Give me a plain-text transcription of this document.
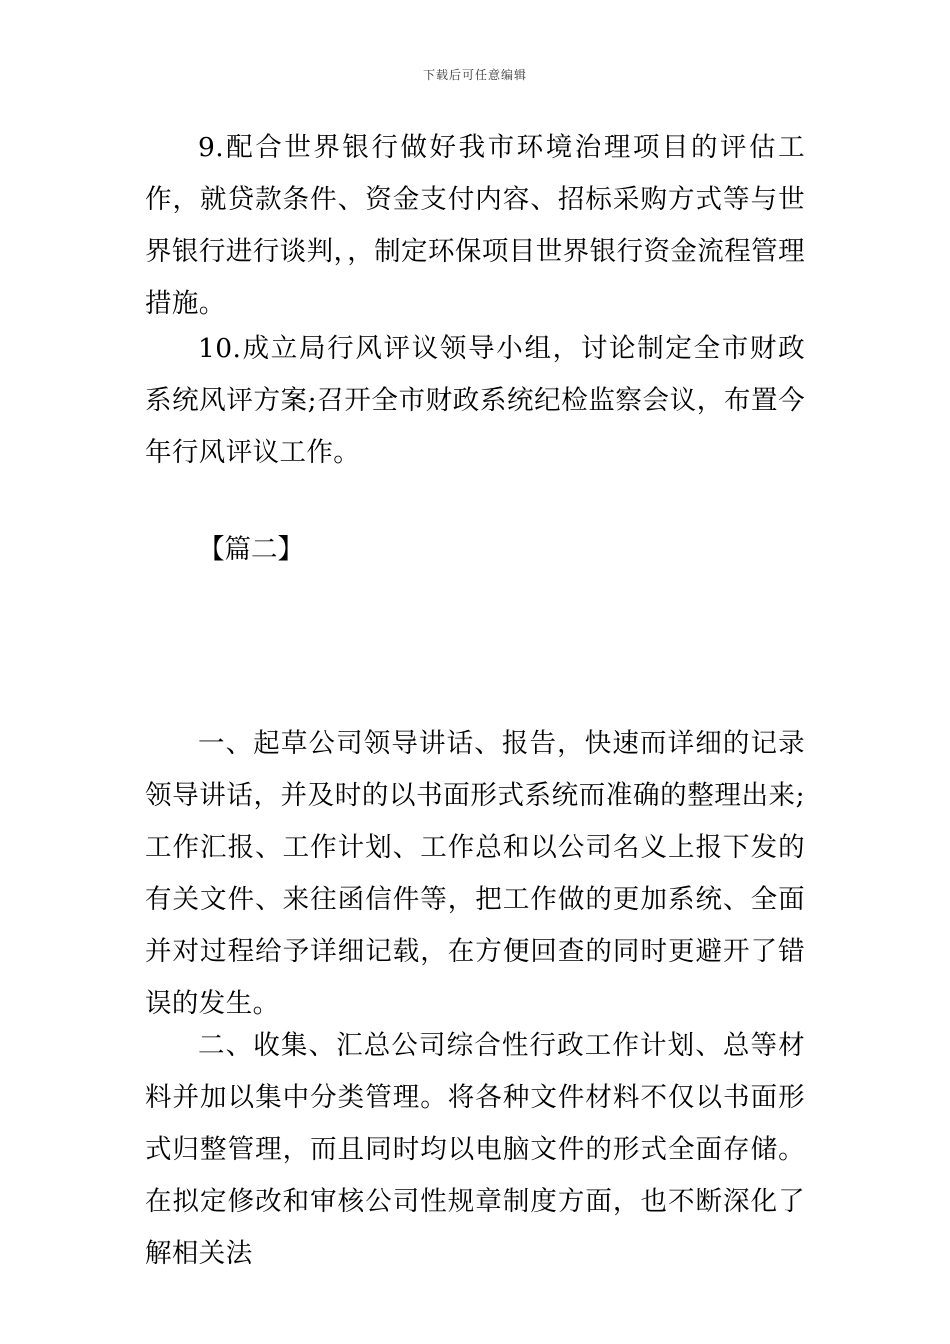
下载后可任意编辑

9.配合世界银行做好我市环境治理项目的评估工作，就贷款条件、资金支付内容、招标采购方式等与世界银行进行谈判，，制定环保项目世界银行资金流程管理措施。

10.成立局行风评议领导小组，讨论制定全市财政系统风评方案;召开全市财政系统纪检监察会议，布置今年行风评议工作。

【篇二】

一、起草公司领导讲话、报告，快速而详细的记录领导讲话，并及时的以书面形式系统而准确的整理出来;工作汇报、工作计划、工作总和以公司名义上报下发的有关文件、来往函信件等，把工作做的更加系统、全面并对过程给予详细记载，在方便回查的同时更避开了错误的发生。

二、收集、汇总公司综合性行政工作计划、总等材料并加以集中分类管理。将各种文件材料不仅以书面形式归整管理，而且同时均以电脑文件的形式全面存储。在拟定修改和审核公司性规章制度方面，也不断深化了解相关法
